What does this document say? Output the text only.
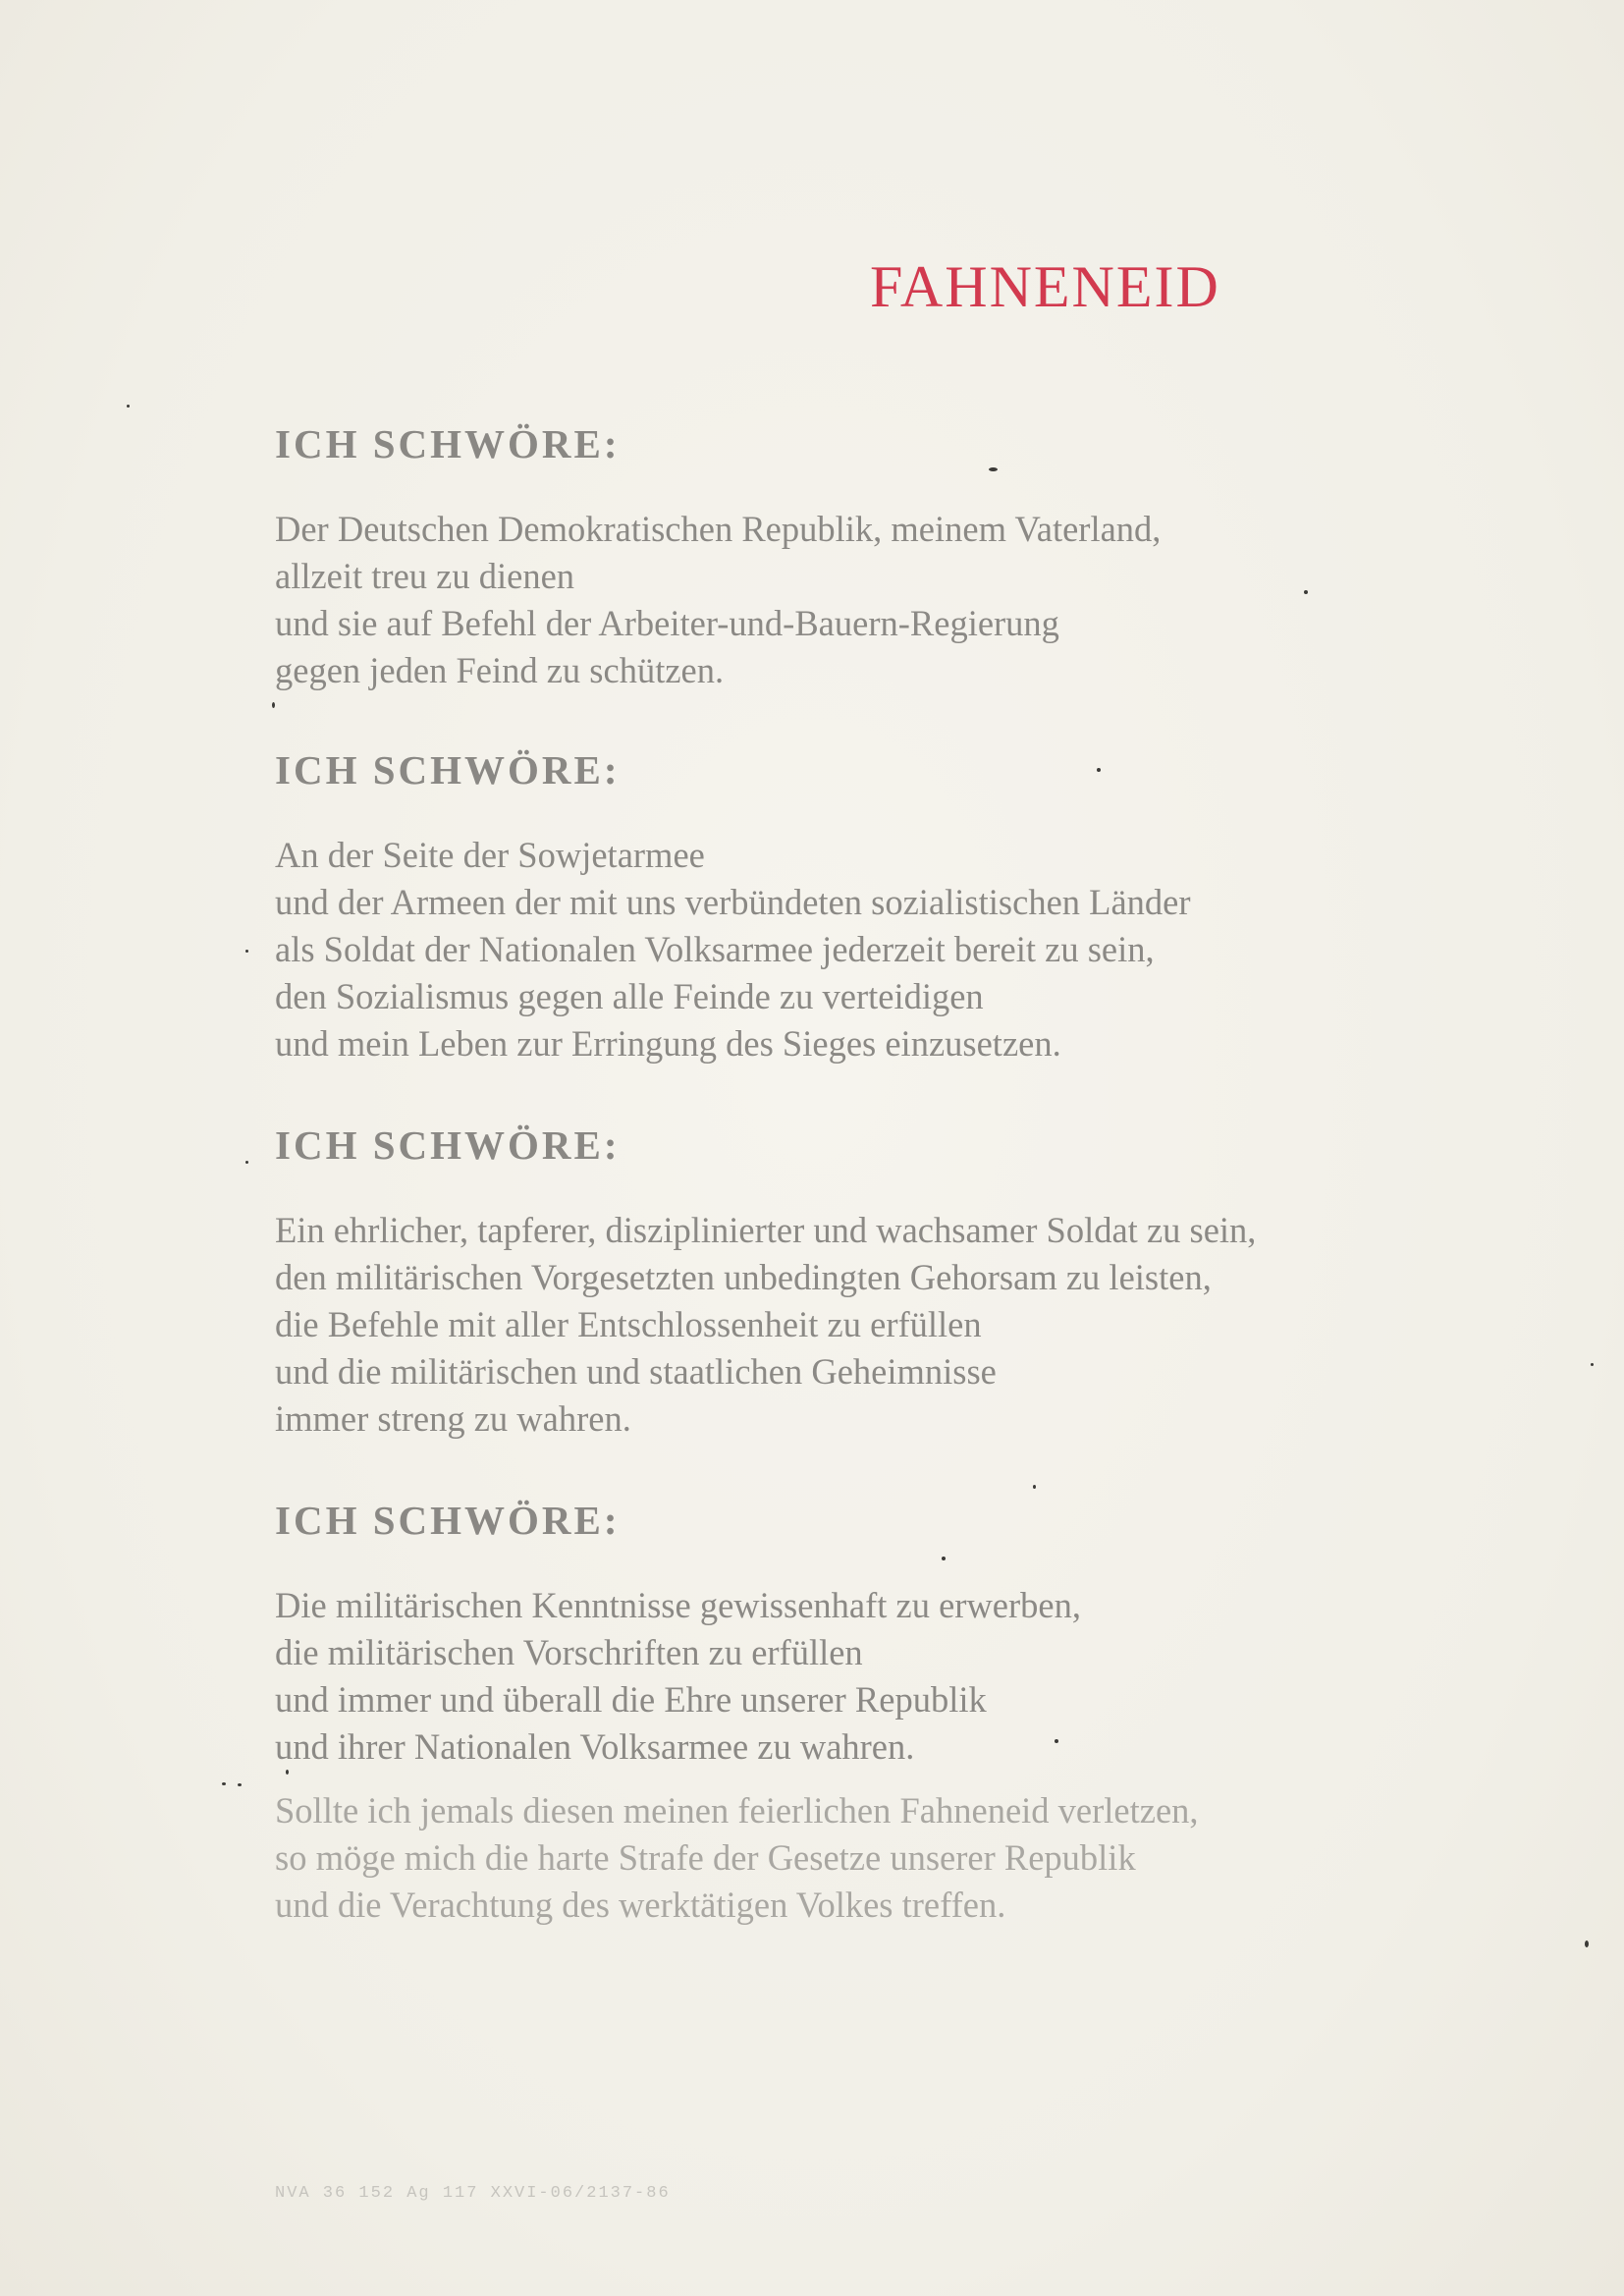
FAHNENEID
ICH SCHWÖRE:
Der Deutschen Demokratischen Republik, meinem Vaterland,
allzeit treu zu dienen
und sie auf Befehl der Arbeiter-und-Bauern-Regierung
gegen jeden Feind zu schützen.
ICH SCHWÖRE:
An der Seite der Sowjetarmee
und der Armeen der mit uns verbündeten sozialistischen Länder
als Soldat der Nationalen Volksarmee jederzeit bereit zu sein,
den Sozialismus gegen alle Feinde zu verteidigen
und mein Leben zur Erringung des Sieges einzusetzen.
ICH SCHWÖRE:
Ein ehrlicher, tapferer, disziplinierter und wachsamer Soldat zu sein,
den militärischen Vorgesetzten unbedingten Gehorsam zu leisten,
die Befehle mit aller Entschlossenheit zu erfüllen
und die militärischen und staatlichen Geheimnisse
immer streng zu wahren.
ICH SCHWÖRE:
Die militärischen Kenntnisse gewissenhaft zu erwerben,
die militärischen Vorschriften zu erfüllen
und immer und überall die Ehre unserer Republik
und ihrer Nationalen Volksarmee zu wahren.
Sollte ich jemals diesen meinen feierlichen Fahneneid verletzen,
so möge mich die harte Strafe der Gesetze unserer Republik
und die Verachtung des werktätigen Volkes treffen.
NVA 36 152 Ag 117 XXVI-06/2137-86
